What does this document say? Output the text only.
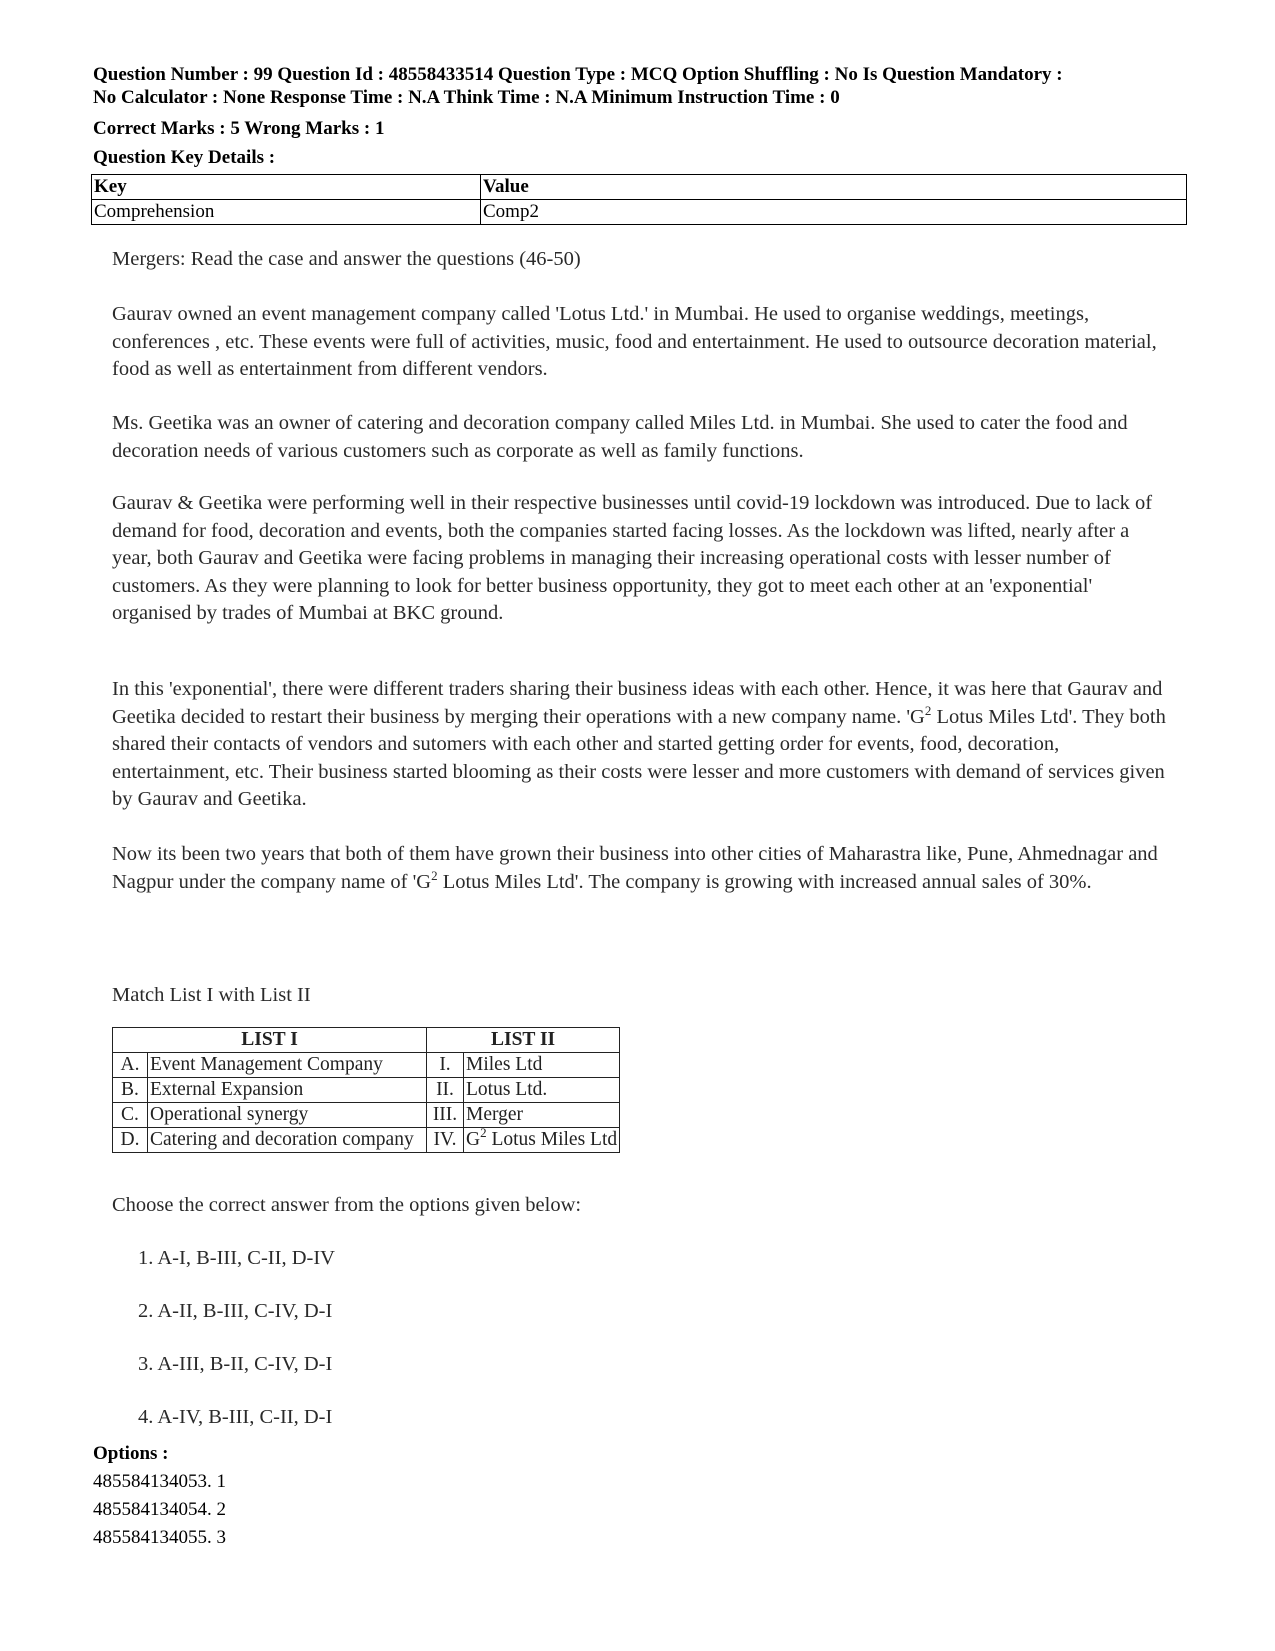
Question Number : 99 Question Id : 48558433514 Question Type : MCQ Option Shuffling : No Is Question Mandatory :
No Calculator : None Response Time : N.A Think Time : N.A Minimum Instruction Time : 0
Correct Marks : 5 Wrong Marks : 1
Question Key Details :
Key	Value
Comprehension	Comp2

Mergers: Read the case and answer the questions (46-50)

Gaurav owned an event management company called 'Lotus Ltd.' in Mumbai. He used to organise weddings, meetings, conferences , etc. These events were full of activities, music, food and entertainment. He used to outsource decoration material, food as well as entertainment from different vendors.

Ms. Geetika was an owner of catering and decoration company called Miles Ltd. in Mumbai. She used to cater the food and decoration needs of various customers such as corporate as well as family functions.

Gaurav & Geetika were performing well in their respective businesses until covid-19 lockdown was introduced. Due to lack of demand for food, decoration and events, both the companies started facing losses. As the lockdown was lifted, nearly after a year, both Gaurav and Geetika were facing problems in managing their increasing operational costs with lesser number of customers. As they were planning to look for better business opportunity, they got to meet each other at an 'exponential' organised by trades of Mumbai at BKC ground.

In this 'exponential', there were different traders sharing their business ideas with each other. Hence, it was here that Gaurav and Geetika decided to restart their business by merging their operations with a new company name. '$G^2$ Lotus Miles Ltd'. They both shared their contacts of vendors and sutomers with each other and started getting order for events, food, decoration, entertainment, etc. Their business started blooming as their costs were lesser and more customers with demand of services given by Gaurav and Geetika.

Now its been two years that both of them have grown their business into other cities of Maharastra like, Pune, Ahmednagar and Nagpur under the company name of '$G^2$ Lotus Miles Ltd'. The company is growing with increased annual sales of 30%.

Match List I with List II

LIST I		LIST II	
A.	Event Management Company	I.	Miles Ltd
B.	External Expansion	II.	Lotus Ltd.
C.	Operational synergy	III.	Merger
D.	Catering and decoration company	IV.	$G^2$ Lotus Miles Ltd

Choose the correct answer from the options given below:

1. A-I, B-III, C-II, D-IV

2. A-II, B-III, C-IV, D-I

3. A-III, B-II, C-IV, D-I

4. A-IV, B-III, C-II, D-I

Options :
485584134053. 1
485584134054. 2
485584134055. 3
